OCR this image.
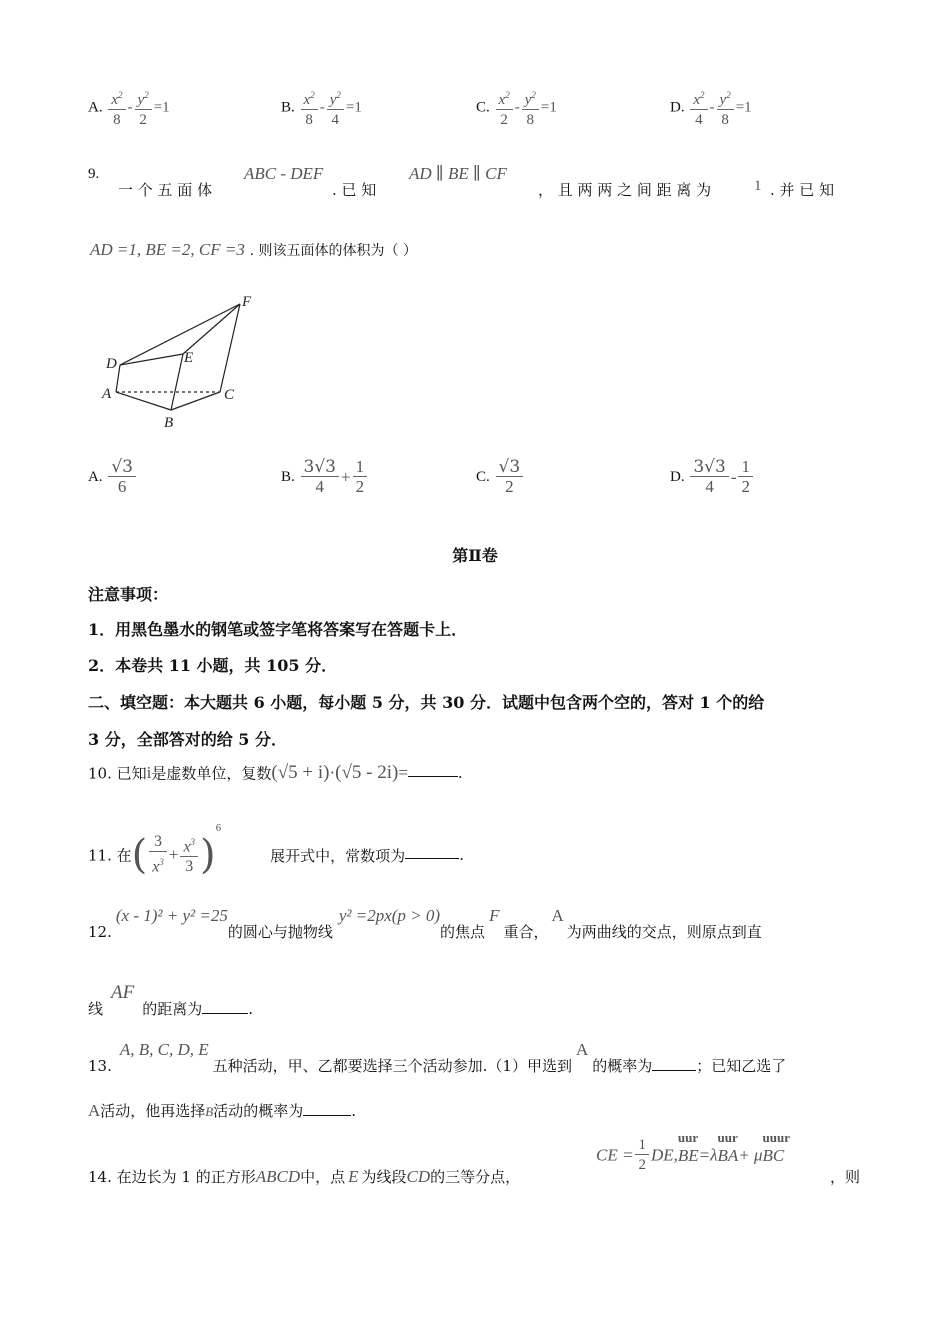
A. $\frac{x^2}{8} - \frac{y^2}{2} =1$	B. $\frac{x^2}{8} - \frac{y^2}{4} =1$	C. $\frac{x^2}{2} - \frac{y^2}{8} =1$	D. $\frac{x^2}{4} - \frac{y^2}{8} =1$
9.
一 个 五 面 体
ABC - DEF
. 已 知
AD ∥ BE ∥ CF
， 且 两 两 之 间 距 离 为	1 . 并 已 知
AD =1, BE =2, CF =3 . 则该五面体的体积为（ ）
F
D	E
A	C
B
A. $\frac{√3}{6}$	B. $\frac{3√3}{4} + \frac{1}{2}$	C. $\frac{√3}{2}$	D. $\frac{3√3}{4} - \frac{1}{2}$
第Ⅱ卷
注意事项：
1．用黑色墨水的钢笔或签字笔将答案写在答题卡上．
2．本卷共 11 小题，共 105 分．
二、填空题：本大题共 6 小题，每小题 5 分，共 30 分．试题中包含两个空的，答对 1 个的给
3 分，全部答对的给 5 分．
10. 已知i是虚数单位，复数(√5 + i)·(√5 - 2i)=	.
11. 在( $\frac{3}{x^3} + \frac{x^3}{3} )^6$ 展开式中，常数项为	.
12.(x - 1)² + y² =25的圆心与抛物线y² =2px(p > 0)的焦点F重合，A为两曲线的交点，则原点到直
线AF的距离为	.
13.A, B, C, D, E五种活动，甲、乙都要选择三个活动参加.（1）甲选到A的概率为	；已知乙选了
A活动，他再选择B活动的概率为	.
14. 在边长为 1 的正方形ABCD中，点 E 为线段CD的三等分点，
CE = $\frac{1}{2}$ DE,
uur
BE=λ
uur
BA+ μ
uuur
BC
，则
